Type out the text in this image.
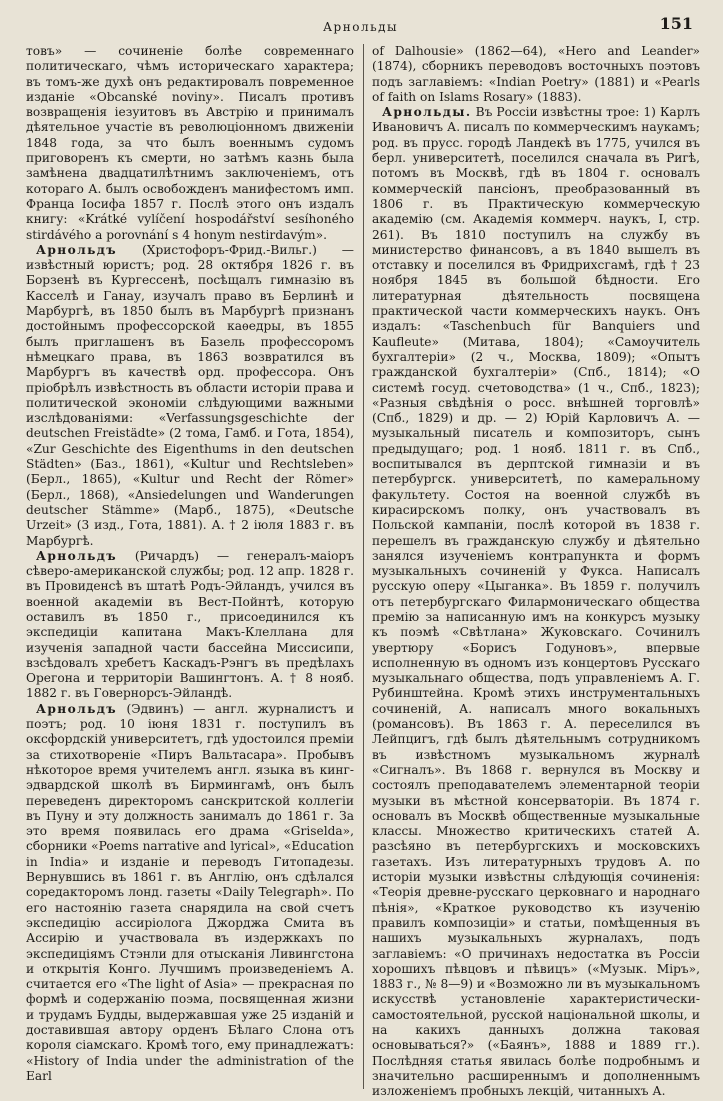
Арнольды	151

товъ» — сочиненіе болѣе современнаго политическаго, чѣмъ историческаго характера; въ томъ-же духѣ онъ редактировалъ повременное изданіе «Obcanské noviny». Писалъ противъ возвращенія іезуитовъ въ Австрію и принималъ дѣятельное участіе въ революціонномъ движеніи 1848 года, за что былъ военнымъ судомъ приговоренъ къ смерти, но затѣмъ казнь была замѣнена двадцатилѣтнимъ заключеніемъ, отъ котораго А. былъ освобожденъ манифестомъ имп. Франца Іосифа 1857 г. Послѣ этого онъ издалъ книгу: «Krátké vylíčení hospodářství sesíhoného stirdávého a porovnání s 4 honym nestirdavým».

Арнольдъ (Христофоръ-Фрид.-Вильг.) — извѣстный юристъ; род. 28 октября 1826 г. въ Борзенѣ въ Кургессенѣ, посѣщалъ гимназію въ Касселѣ и Ганау, изучалъ право въ Берлинѣ и Марбургѣ, въ 1850 былъ въ Марбургѣ признанъ достойнымъ профессорской каѳедры, въ 1855 былъ приглашенъ въ Базель профессоромъ нѣмецкаго права, въ 1863 возвратился въ Марбургъ въ качествѣ орд. профессора. Онъ пріобрѣлъ извѣстность въ области исторіи права и политической экономіи слѣдующими важными изслѣдованіями: «Verfassungsgeschichte der deutschen Freistädte» (2 тома, Гамб. и Гота, 1854), «Zur Geschichte des Eigenthums in den deutschen Städten» (Баз., 1861), «Kultur und Rechtsleben» (Берл., 1865), «Kultur und Recht der Römer» (Берл., 1868), «Ansiedelungen und Wanderungen deutscher Stämme» (Марб., 1875), «Deutsche Urzeit» (3 изд., Гота, 1881). А. † 2 іюля 1883 г. въ Марбургѣ.

Арнольдъ (Ричардъ) — генералъ-маіоръ сѣверо-американской службы; род. 12 апр. 1828 г. въ Провиденсѣ въ штатѣ Родъ-Эйландъ, учился въ военной академіи въ Вест-Пойнтѣ, которую оставилъ въ 1850 г., присоединился къ экспедиціи капитана Макъ-Клеллана для изученія западной части бассейна Миссисипи, взсѣдовалъ хребетъ Каскадъ-Рэнгъ въ предѣлахъ Орегона и территоріи Вашингтонъ. А. † 8 нояб. 1882 г. въ Говернорсъ-Эйландѣ.

Арнольдъ (Эдвинъ) — англ. журналистъ и поэтъ; род. 10 іюня 1831 г. поступилъ въ оксфордскій университетъ, гдѣ удостоился преміи за стихотвореніе «Пиръ Вальтасара». Пробывъ нѣкоторое время учителемъ англ. языка въ кинг-эдвардской школѣ въ Бирмингамѣ, онъ былъ переведенъ директоромъ санскритской коллегіи въ Пуну и эту должность занималъ до 1861 г. За это время появилась его драма «Griselda», сборники «Poems narrative and lyrical», «Education in India» и изданіе и переводъ Гитопадезы. Вернувшись въ 1861 г. въ Англію, онъ сдѣлался соредакторомъ лонд. газеты «Daily Telegraph». По его настоянію газета снарядила на свой счетъ экспедицію ассиріолога Джорджа Смита въ Ассирію и участвовала въ издержкахъ по экспедиціямъ Стэнли для отысканія Ливингстона и открытія Конго. Лучшимъ произведеніемъ А. считается его «The light of Asia» — прекрасная по формѣ и содержанію поэма, посвященная жизни и трудамъ Будды, выдержавшая уже 25 изданій и доставившая автору орденъ Бѣлаго Слона отъ короля сіамскаго. Кромѣ того, ему принадлежатъ: «History of India under the administration of the Earl

of Dalhousie» (1862—64), «Hero and Leander» (1874), сборникъ переводовъ восточныхъ поэтовъ подъ заглавіемъ: «Indian Poetry» (1881) и «Pearls of faith on Islams Rosary» (1883).

Арнольды. Въ Россіи извѣстны трое: 1) Карлъ Ивановичъ А. писалъ по коммерческимъ наукамъ; род. въ прусс. городѣ Ландекѣ въ 1775, учился въ берл. университетѣ, поселился сначала въ Ригѣ, потомъ въ Москвѣ, гдѣ въ 1804 г. основалъ коммерческій пансіонъ, преобразованный въ 1806 г. въ Практическую коммерческую академію (см. Академія коммерч. наукъ, I, стр. 261). Въ 1810 поступилъ на службу въ министерство финансовъ, а въ 1840 вышелъ въ отставку и поселился въ Фридрихсгамѣ, гдѣ † 23 ноября 1845 въ большой бѣдности. Его литературная дѣятельность посвящена практической части коммерческихъ наукъ. Онъ издалъ: «Taschenbuch für Banquiers und Kaufleute» (Митава, 1804); «Самоучитель бухгалтеріи» (2 ч., Москва, 1809); «Опытъ гражданской бухгалтеріи» (Спб., 1814); «О системѣ госуд. счетоводства» (1 ч., Спб., 1823); «Разныя свѣдѣнія о росс. внѣшней торговлѣ» (Спб., 1829) и др. — 2) Юрій Карловичъ А. — музыкальный писатель и композиторъ, сынъ предыдущаго; род. 1 нояб. 1811 г. въ Спб., воспитывался въ дерптской гимназіи и въ петербургск. университетѣ, по камеральному факультету. Состоя на военной службѣ въ кирасирскомъ полку, онъ участвовалъ въ Польской кампаніи, послѣ которой въ 1838 г. перешелъ въ гражданскую службу и дѣятельно занялся изученіемъ контрапункта и формъ музыкальныхъ сочиненій у Фукса. Написалъ русскую оперу «Цыганка». Въ 1859 г. получилъ отъ петербургскаго Филармоническаго общества премію за написанную имъ на конкурсъ музыку къ поэмѣ «Свѣтлана» Жуковскаго. Сочинилъ увертюру «Борисъ Годуновъ», впервые исполненную въ одномъ изъ концертовъ Русскаго музыкальнаго общества, подъ управленіемъ А. Г. Рубинштейна. Кромѣ этихъ инструментальныхъ сочиненій, А. написалъ много вокальныхъ (романсовъ). Въ 1863 г. А. переселился въ Лейпцигъ, гдѣ былъ дѣятельнымъ сотрудникомъ въ извѣстномъ музыкальномъ журналѣ «Сигналъ». Въ 1868 г. вернулся въ Москву и состоялъ преподавателемъ элементарной теоріи музыки въ мѣстной консерваторіи. Въ 1874 г. основалъ въ Москвѣ общественные музыкальные классы. Множество критическихъ статей А. разсѣяно въ петербургскихъ и московскихъ газетахъ. Изъ литературныхъ трудовъ А. по исторіи музыки извѣстны слѣдующія сочиненія: «Теорія древне-русскаго церковнаго и народнаго пѣнія», «Краткое руководство къ изученію правилъ композиціи» и статьи, помѣщенныя въ нашихъ музыкальныхъ журналахъ, подъ заглавіемъ: «О причинахъ недостатка въ Россіи хорошихъ пѣвцовъ и пѣвицъ» («Музык. Міръ», 1883 г., № 8—9) и «Возможно ли въ музыкальномъ искусствѣ установленіе характеристически-самостоятельной, русской національной школы, и на какихъ данныхъ должна таковая основываться?» («Баянъ», 1888 и 1889 гг.). Послѣдняя статья явилась болѣе подробнымъ и значительно расширеннымъ и дополненнымъ изложеніемъ пробныхъ лекцій, читанныхъ А.
